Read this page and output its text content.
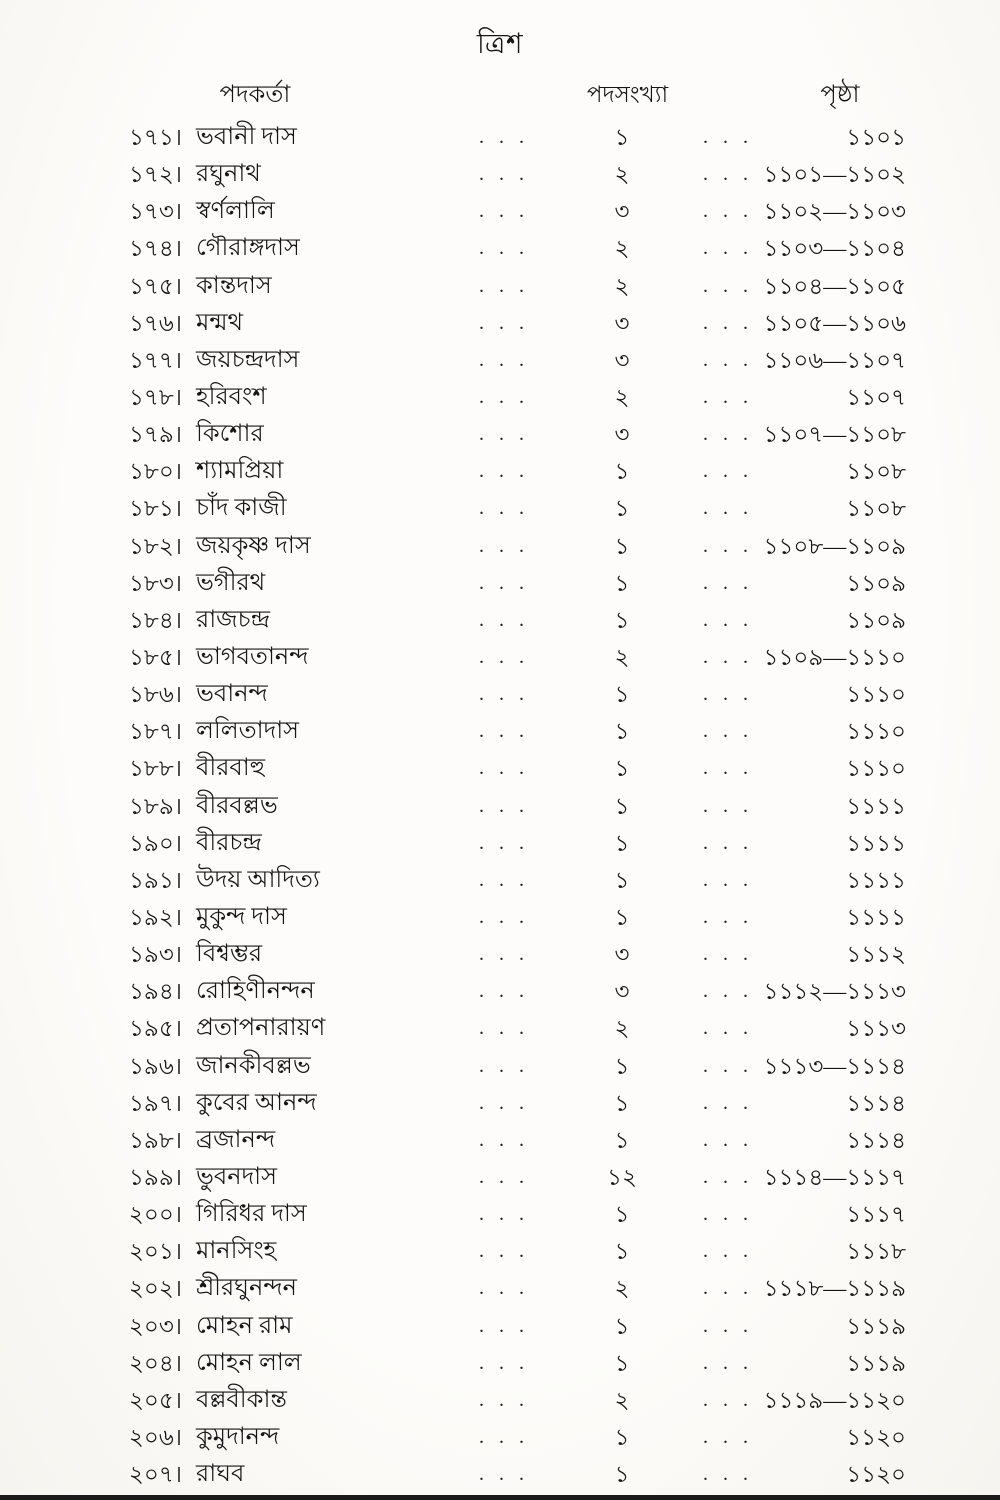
ত্রিশ
পদকর্তা	পদসংখ্যা	পৃষ্ঠা
১৭১। ভবানী দাস	. . .	১	. . .	১১০১
১৭২। রঘুনাথ	. . .	২	. . . ১১০১—১১০২
১৭৩। স্বর্ণলালি	. . .	৩	. . . ১১০২—১১০৩
১৭৪। গৌরাঙ্গদাস	. . .	২	. . . ১১০৩—১১০৪
১৭৫। কান্তদাস	. . .	২	. . . ১১০৪—১১০৫
১৭৬। মন্মথ	. . .	৩	. . . ১১০৫—১১০৬
১৭৭। জয়চন্দ্রদাস	. . .	৩	. . . ১১০৬—১১০৭
১৭৮। হরিবংশ	. . .	২	. . .	১১০৭
১৭৯। কিশোর	. . .	৩	. . . ১১০৭—১১০৮
১৮০। শ্যামপ্রিয়া	. . .	১	. . .	১১০৮
১৮১। চাঁদ কাজী	. . .	১	. . .	১১০৮
১৮২। জয়কৃষ্ণ দাস	. . .	১	. . . ১১০৮—১১০৯
১৮৩। ভগীরথ	. . .	১	. . .	১১০৯
১৮৪। রাজচন্দ্র	. . .	১	. . .	১১০৯
১৮৫। ভাগবতানন্দ	. . .	২	. . . ১১০৯—১১১০
১৮৬। ভবানন্দ	. . .	১	. . .	১১১০
১৮৭। ললিতাদাস	. . .	১	. . .	১১১০
১৮৮। বীরবাহু	. . .	১	. . .	১১১০
১৮৯। বীরবল্লভ	. . .	১	. . .	১১১১
১৯০। বীরচন্দ্র	. . .	১	. . .	১১১১
১৯১। উদয় আদিত্য	. . .	১	. . .	১১১১
১৯২। মুকুন্দ দাস	. . .	১	. . .	১১১১
১৯৩। বিশ্বম্ভর	. . .	৩	. . .	১১১২
১৯৪। রোহিণীনন্দন	. . .	৩	. . . ১১১২—১১১৩
১৯৫। প্রতাপনারায়ণ	. . .	২	. . .	১১১৩
১৯৬। জানকীবল্লভ	. . .	১	. . . ১১১৩—১১১৪
১৯৭। কুবের আনন্দ	. . .	১	. . .	১১১৪
১৯৮। ব্রজানন্দ	. . .	১	. . .	১১১৪
১৯৯। ভুবনদাস	. . .	১২	. . . ১১১৪—১১১৭
২০০। গিরিধর দাস	. . .	১	. . .	১১১৭
২০১। মানসিংহ	. . .	১	. . .	১১১৮
২০২। শ্রীরঘুনন্দন	. . .	২	. . . ১১১৮—১১১৯
২০৩। মোহন রাম	. . .	১	. . .	১১১৯
২০৪। মোহন লাল	. . .	১	. . .	১১১৯
২০৫। বল্লবীকান্ত	. . .	২	. . . ১১১৯—১১২০
২০৬। কুমুদানন্দ	. . .	১	. . .	১১২০
২০৭। রাঘব	. . .	১	. . .	১১২০
